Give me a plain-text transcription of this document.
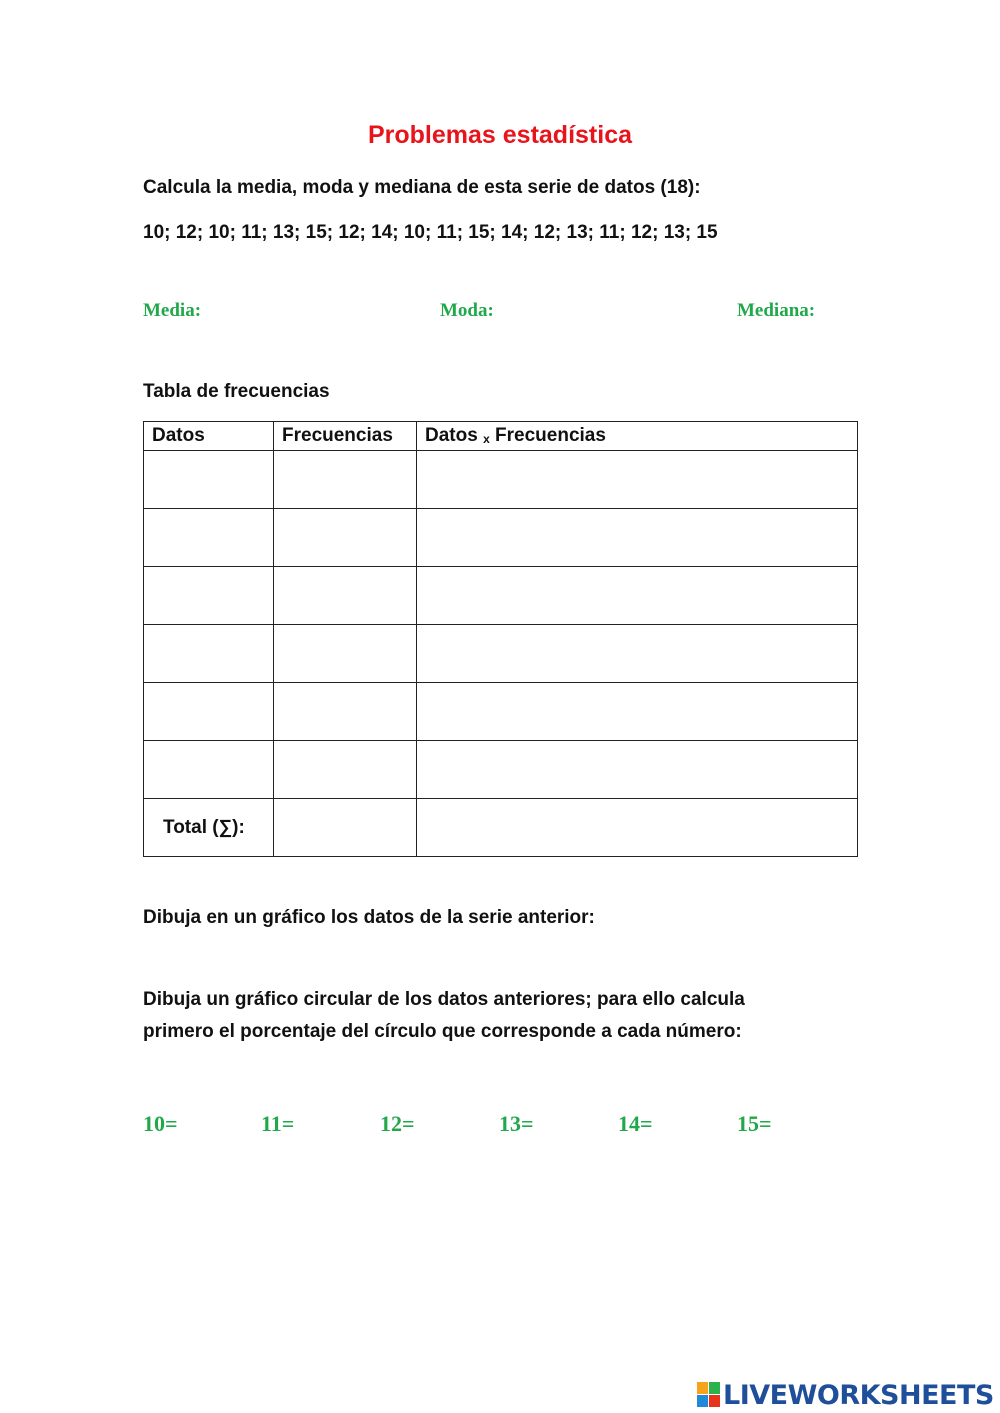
Problemas estadística
Calcula la media, moda y mediana de esta serie de datos (18):
10; 12; 10; 11; 13; 15; 12; 14; 10; 11; 15; 14; 12; 13; 11; 12; 13; 15
Media:	Moda:	Mediana:
Tabla de frecuencias
Datos	Frecuencias	Datos x Frecuencias

Total (∑):		
Dibuja en un gráfico los datos de la serie anterior:
Dibuja un gráfico circular de los datos anteriores; para ello calcula
primero el porcentaje del círculo que corresponde a cada número:
10=	11=	12=	13=	14=	15=
LIVEWORKSHEETS
